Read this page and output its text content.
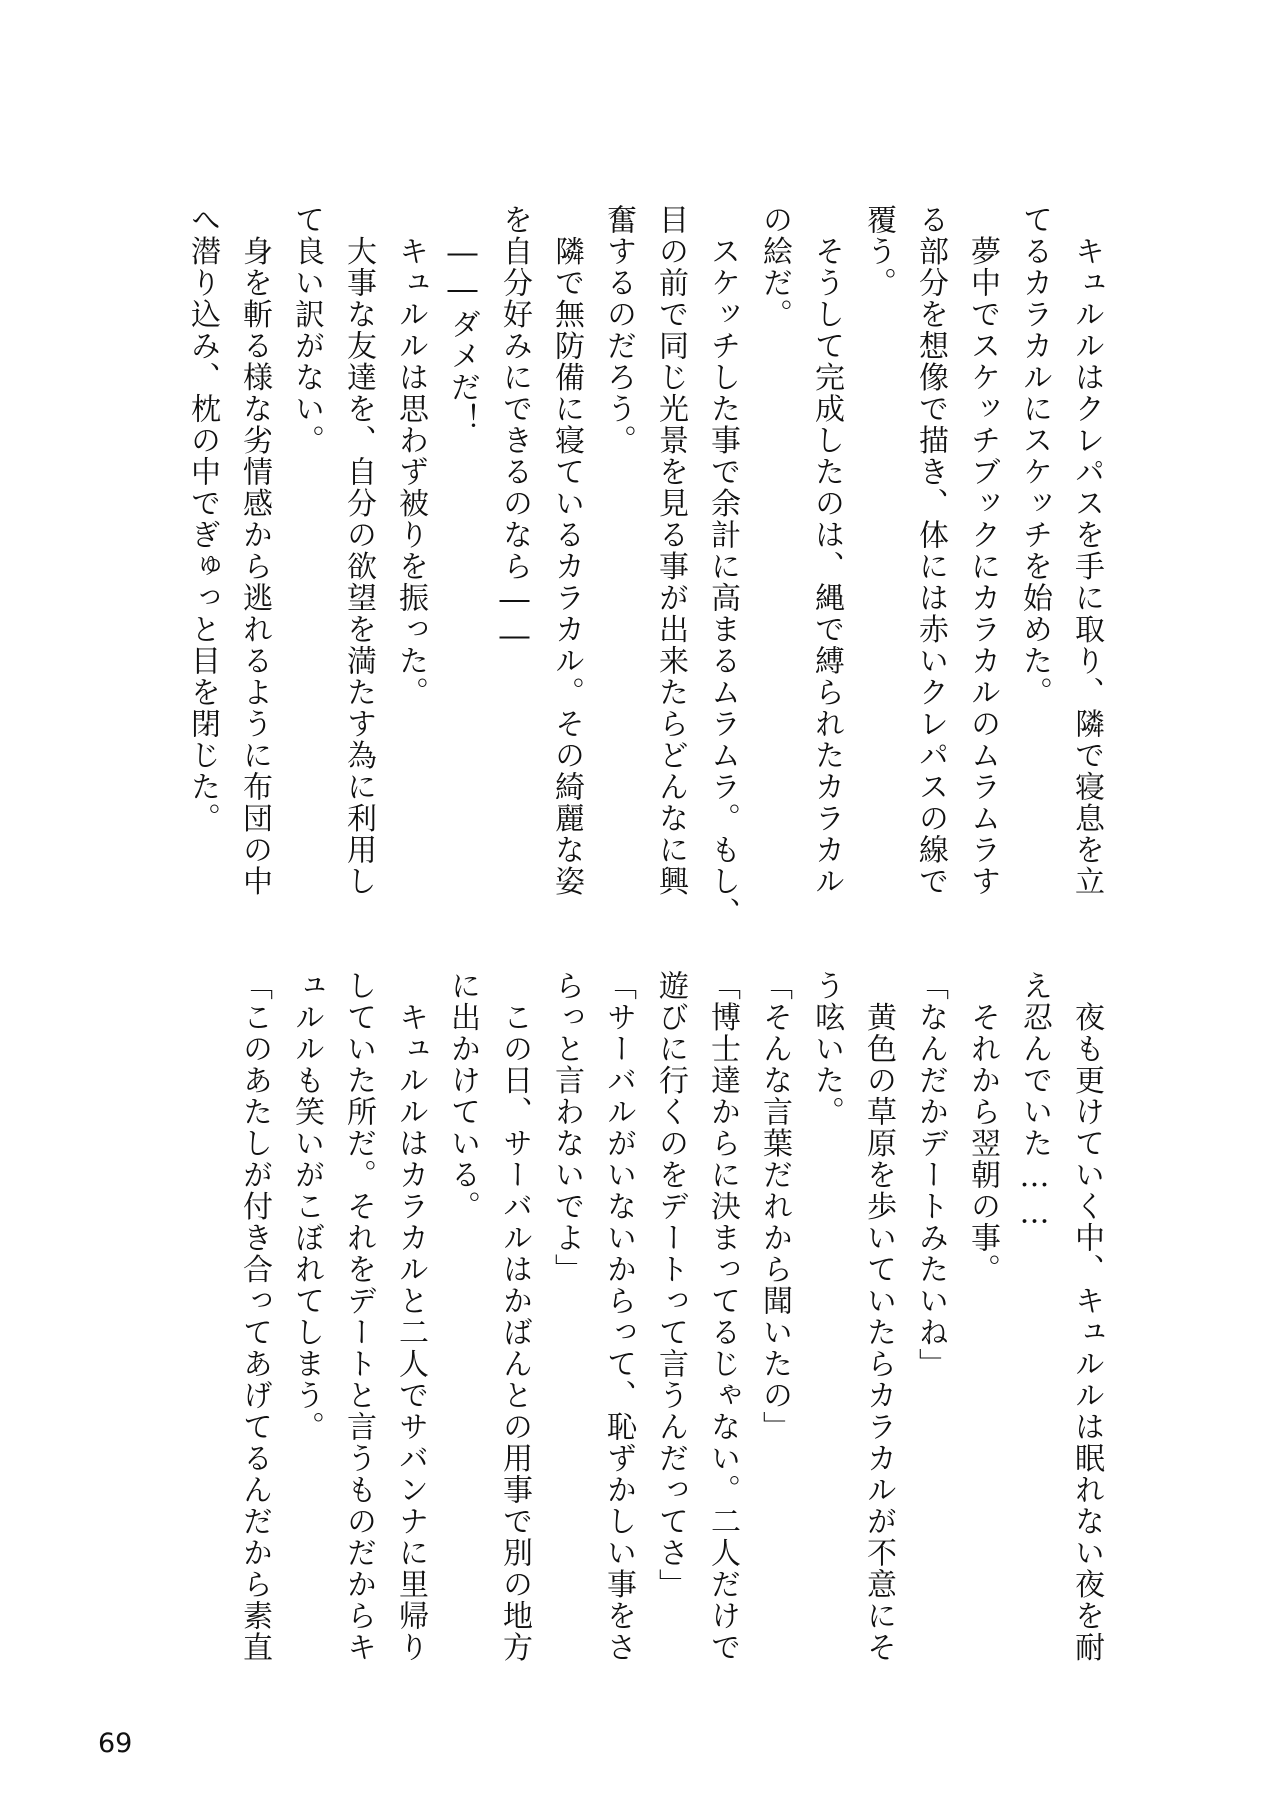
　キュルルはクレパスを手に取り、隣で寝息を立

てるカラカルにスケッチを始めた。

　夢中でスケッチブックにカラカルのムラムラす

る部分を想像で描き、体には赤いクレパスの線で

覆う。

　そうして完成したのは、縄で縛られたカラカル

の絵だ。

　スケッチした事で余計に高まるムラムラ。もし、

目の前で同じ光景を見る事が出来たらどんなに興

奮するのだろう。

　隣で無防備に寝ているカラカル。その綺麗な姿

を自分好みにできるのなら――

　――ダメだ！

　キュルルは思わず被りを振った。

　大事な友達を、自分の欲望を満たす為に利用し

て良い訳がない。

　身を斬る様な劣情感から逃れるように布団の中

へ潜り込み、枕の中でぎゅっと目を閉じた。

　夜も更けていく中、キュルルは眠れない夜を耐

え忍んでいた……

　それから翌朝の事。

「なんだかデートみたいね」

　黄色の草原を歩いていたらカラカルが不意にそ

う呟いた。

「そんな言葉だれから聞いたの」

「博士達からに決まってるじゃない。二人だけで

遊びに行くのをデートって言うんだってさ」

「サーバルがいないからって、恥ずかしい事をさ

らっと言わないでよ」

　この日、サーバルはかばんとの用事で別の地方

に出かけている。

　キュルルはカラカルと二人でサバンナに里帰り

していた所だ。それをデートと言うものだからキ

ュルルも笑いがこぼれてしまう。

「このあたしが付き合ってあげてるんだから素直

69
